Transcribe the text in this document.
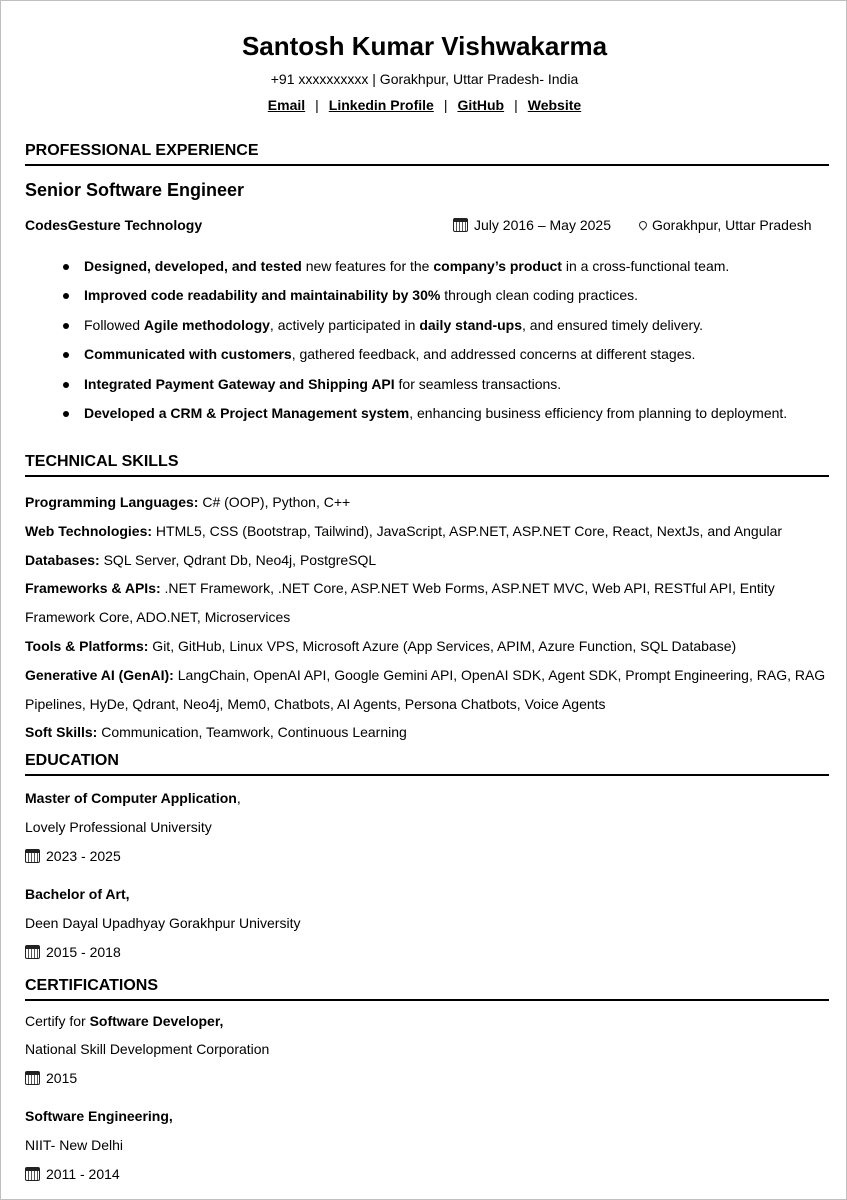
Santosh Kumar Vishwakarma
+91 xxxxxxxxxx | Gorakhpur, Uttar Pradesh- India
Email | Linkedin Profile | GitHub | Website
PROFESSIONAL EXPERIENCE
Senior Software Engineer
CodesGesture Technology	July 2016 – May 2025	Gorakhpur, Uttar Pradesh
Designed, developed, and tested new features for the company’s product in a cross-functional team.
Improved code readability and maintainability by 30% through clean coding practices.
Followed Agile methodology, actively participated in daily stand-ups, and ensured timely delivery.
Communicated with customers, gathered feedback, and addressed concerns at different stages.
Integrated Payment Gateway and Shipping API for seamless transactions.
Developed a CRM & Project Management system, enhancing business efficiency from planning to deployment.
TECHNICAL SKILLS
Programming Languages: C# (OOP), Python, C++
Web Technologies: HTML5, CSS (Bootstrap, Tailwind), JavaScript, ASP.NET, ASP.NET Core, React, NextJs, and Angular
Databases: SQL Server, Qdrant Db, Neo4j, PostgreSQL
Frameworks & APIs: .NET Framework, .NET Core, ASP.NET Web Forms, ASP.NET MVC, Web API, RESTful API, Entity Framework Core, ADO.NET, Microservices
Tools & Platforms: Git, GitHub, Linux VPS, Microsoft Azure (App Services, APIM, Azure Function, SQL Database)
Generative AI (GenAI): LangChain, OpenAI API, Google Gemini API, OpenAI SDK, Agent SDK, Prompt Engineering, RAG, RAG Pipelines, HyDe, Qdrant, Neo4j, Mem0, Chatbots, AI Agents, Persona Chatbots, Voice Agents
Soft Skills: Communication, Teamwork, Continuous Learning
EDUCATION
Master of Computer Application,
Lovely Professional University
2023 - 2025
Bachelor of Art,
Deen Dayal Upadhyay Gorakhpur University
2015 - 2018
CERTIFICATIONS
Certify for Software Developer,
National Skill Development Corporation
2015
Software Engineering,
NIIT- New Delhi
2011 - 2014
